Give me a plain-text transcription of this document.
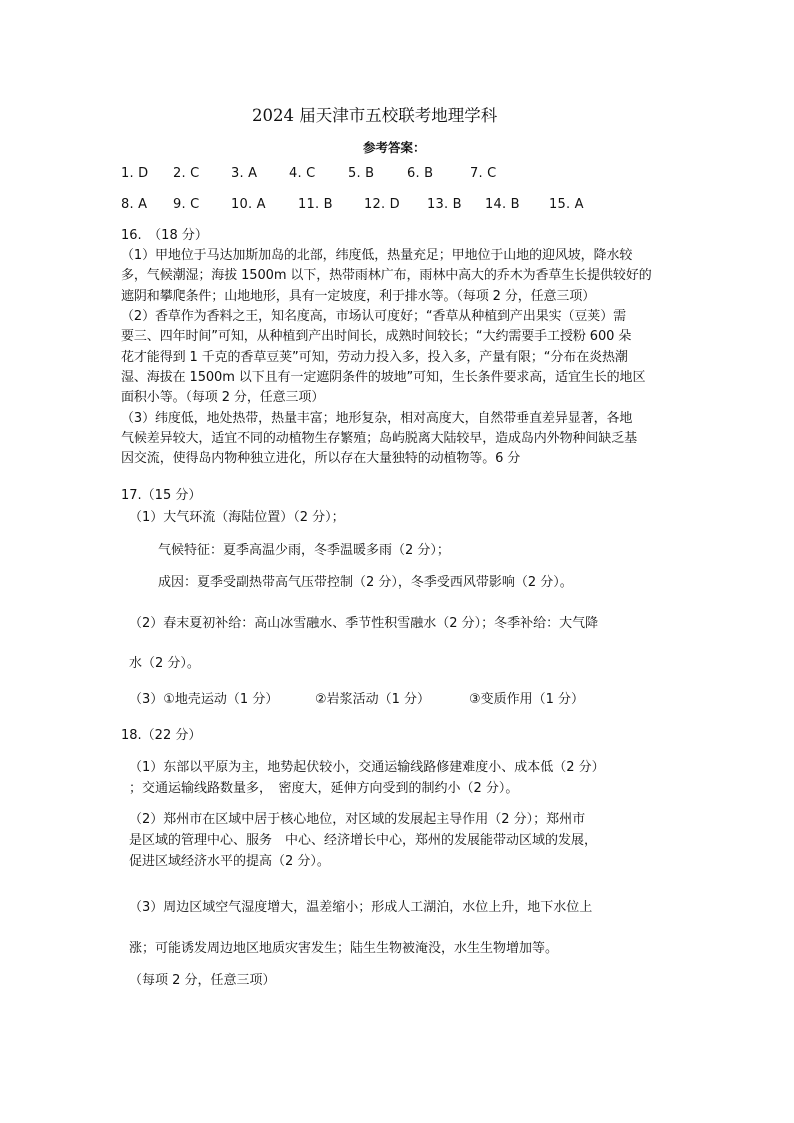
2024 届天津市五校联考地理学科
参考答案：
1. D 2. C 3. A 4. C	5. B	6. B	7. C
8. A 9. C 10. A 11. B 12. D 13. B 14. B 15. A
16.　（18 分）
（1）甲地位于马达加斯加岛的北部，纬度低，热量充足；甲地位于山地的迎风坡，降水较
多，气候潮湿；海拔 1500m 以下，热带雨林广布，雨林中高大的乔木为香草生长提供较好的
遮阴和攀爬条件；山地地形，具有一定坡度，利于排水等。（每项 2 分，任意三项）
（2）香草作为香料之王，知名度高，市场认可度好；“香草从种植到产出果实（豆荚）需
要三、四年时间”可知，从种植到产出时间长，成熟时间较长；“大约需要手工授粉 600 朵
花才能得到 1 千克的香草豆荚”可知，劳动力投入多，投入多，产量有限；“分布在炎热潮
湿、海拔在 1500m 以下且有一定遮阴条件的坡地”可知，生长条件要求高，适宜生长的地区
面积小等。（每项 2 分，任意三项）
（3）纬度低，地处热带，热量丰富；地形复杂，相对高度大，自然带垂直差异显著，各地
气候差异较大，适宜不同的动植物生存繁殖；岛屿脱离大陆较早，造成岛内外物种间缺乏基
因交流，使得岛内物种独立进化，所以存在大量独特的动植物等。6 分
17.（15 分）
（1）大气环流（海陆位置）（2 分）；
气候特征：夏季高温少雨，冬季温暖多雨（2 分）；
成因：夏季受副热带高气压带控制（2 分），冬季受西风带影响（2 分）。
（2）春末夏初补给：高山冰雪融水、季节性积雪融水（2 分）；冬季补给：大气降
水（2 分）。
（3）①地壳运动（1 分）	②岩浆活动（1 分）	③变质作用（1 分）
18.（22 分）
（1）东部以平原为主，地势起伏较小，交通运输线路修建难度小、成本低（2 分）
；交通运输线路数量多，　密度大，延伸方向受到的制约小（2 分）。
（2）郑州市在区域中居于核心地位，对区域的发展起主导作用（2 分）；郑州市
是区域的管理中心、服务　中心、经济增长中心，郑州的发展能带动区域的发展，
促进区域经济水平的提高（2 分）。
（3）周边区域空气湿度增大，温差缩小；形成人工湖泊，水位上升，地下水位上
涨；可能诱发周边地区地质灾害发生；陆生生物被淹没，水生生物增加等。
（每项 2 分，任意三项）
